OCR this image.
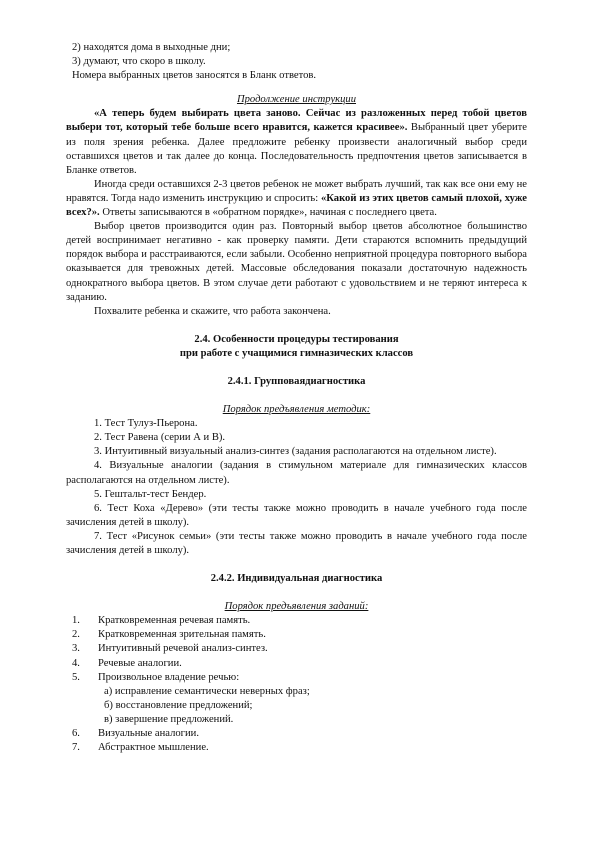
2) находятся дома в выходные дни;

3) думают, что скоро в школу.

Номера выбранных цветов заносятся в Бланк ответов.

Продолжение инструкции

«А теперь будем выбирать цвета заново. Сейчас из разложенных перед тобой цветов выбери тот, который тебе больше всего нравится, кажется красивее». Выбранный цвет уберите из поля зрения ребенка. Далее предложите ребенку произвести аналогичный выбор среди оставшихся цветов и так далее до конца. Последовательность предпочтения цветов записывается в Бланке ответов.

Иногда среди оставшихся 2-3 цветов ребенок не может выбрать лучший, так как все они ему не нравятся. Тогда надо изменить инструкцию и спросить: «Какой из этих цветов самый плохой, хуже всех?». Ответы записываются в «обратном порядке», начиная с последнего цвета.

Выбор цветов производится один раз. Повторный выбор цветов абсолютное большинство детей воспринимает негативно - как проверку памяти. Дети стараются вспомнить предыдущий порядок выбора и расстраиваются, если забыли. Особенно неприятной процедура повторного выбора оказывается для тревожных детей. Массовые обследования показали достаточную надежность однократного выбора цветов. В этом случае дети работают с удовольствием и не теряют интереса к заданию.

Похвалите ребенка и скажите, что работа закончена.

2.4. Особенности процедуры тестирования

при работе с учащимися гимназических классов

2.4.1. Групповаядиагностика

Порядок предъявления методик:

1. Тест Тулуз-Пьерона.

2. Тест Равена (серии А и В).

3. Интуитивный визуальный анализ-синтез (задания располагаются на отдельном листе).

4. Визуальные аналогии (задания в стимульном материале для гимназических классов располагаются на отдельном листе).

5. Гештальт-тест Бендер.

6. Тест Коха «Дерево» (эти тесты также можно проводить в начале учебного года после зачисления детей в школу).

7. Тест «Рисунок семьи» (эти тесты также можно проводить в начале учебного года после зачисления детей в школу).

2.4.2. Индивидуальная диагностика

Порядок предъявления заданий:

1.	Кратковременная речевая память.
2.	Кратковременная зрительная память.
3.	Интуитивный речевой анализ-синтез.
4.	Речевые аналогии.
5.	Произвольное владение речью:

а) исправление семантически неверных фраз;

б) восстановление предложений;

в) завершение предложений.

6.	Визуальные аналогии.
7.	Абстрактное мышление.
